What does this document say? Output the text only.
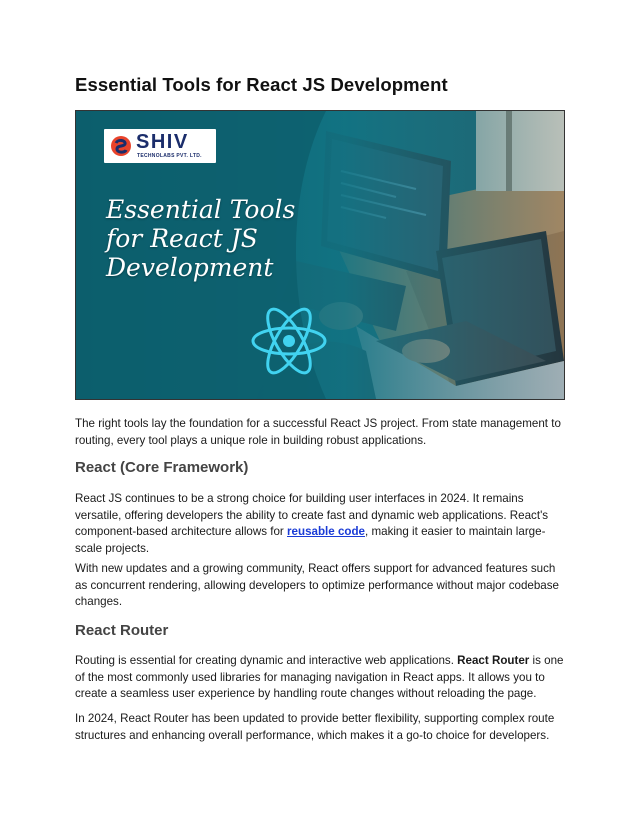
Essential Tools for React JS Development
SHIV
TECHNOLABS PVT. LTD.
Essential Tools
for React JS
Development

The right tools lay the foundation for a successful React JS project. From state management to routing, every tool plays a unique role in building robust applications.

React (Core Framework)

React JS continues to be a strong choice for building user interfaces in 2024. It remains versatile, offering developers the ability to create fast and dynamic web applications. React's component-based architecture allows for reusable code, making it easier to maintain large-scale projects.

With new updates and a growing community, React offers support for advanced features such as concurrent rendering, allowing developers to optimize performance without major codebase changes.

React Router

Routing is essential for creating dynamic and interactive web applications. React Router is one of the most commonly used libraries for managing navigation in React apps. It allows you to create a seamless user experience by handling route changes without reloading the page.

In 2024, React Router has been updated to provide better flexibility, supporting complex route structures and enhancing overall performance, which makes it a go-to choice for developers.
